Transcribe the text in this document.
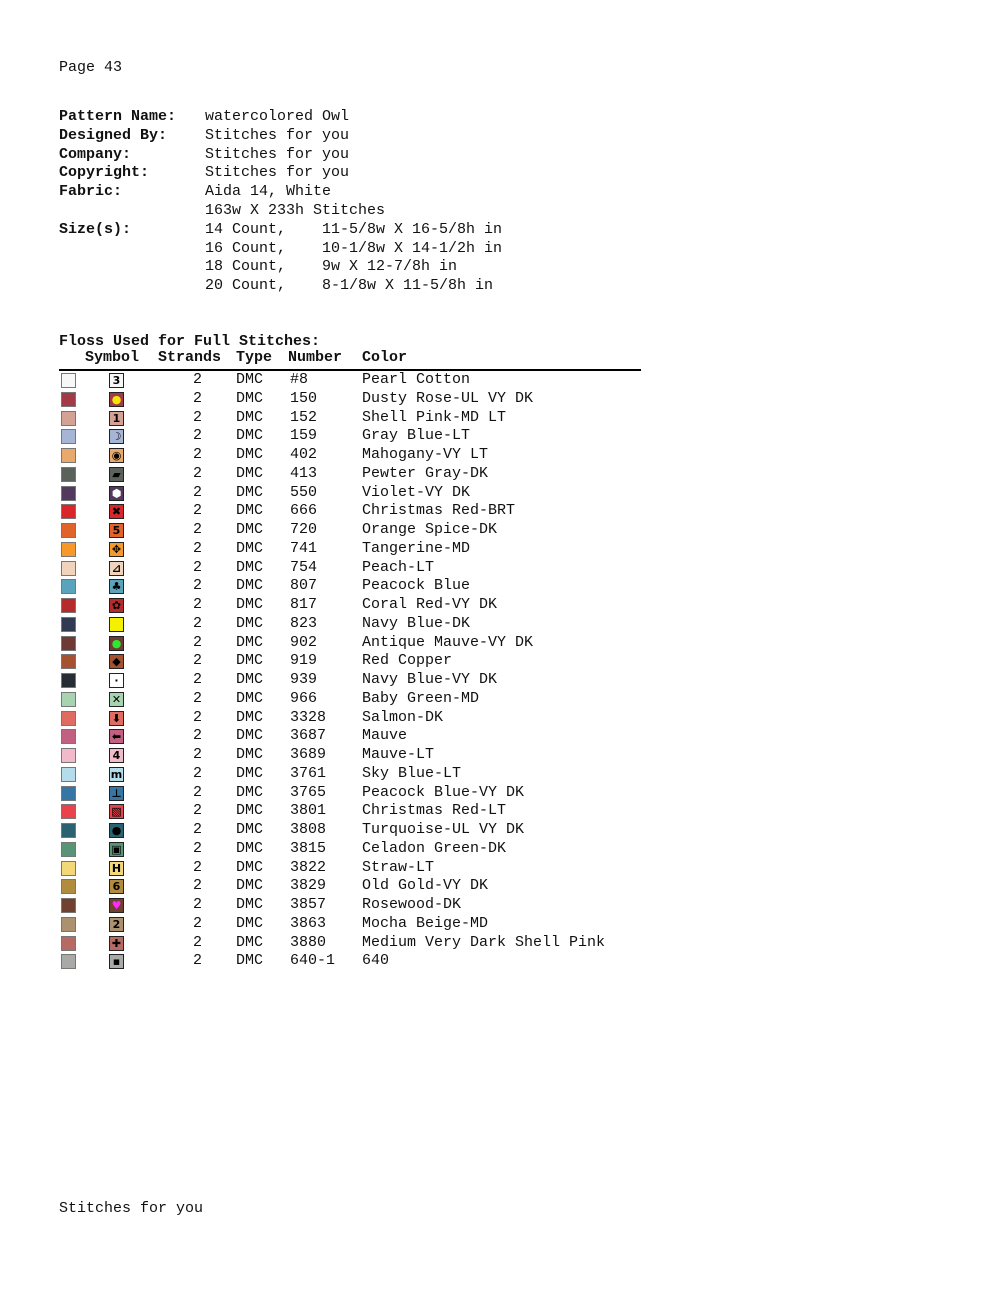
Page 43
Pattern Name: watercolored Owl
Designed By:	Stitches for you
Company:	Stitches for you
Copyright:	Stitches for you
Fabric:	Aida 14, White
163w X 233h Stitches
Size(s):	14 Count,    11-5/8w X 16-5/8h in
16 Count,    10-1/8w X 14-1/2h in
18 Count,    9w X 12-7/8h in
20 Count,    8-1/8w X 11-5/8h in
Floss Used for Full Stitches:
Symbol Strands Type Number Color
3	2 DMC #8	Pearl Cotton
●	2 DMC 150	Dusty Rose-UL VY DK
1	2 DMC 152	Shell Pink-MD LT
☽	2 DMC 159	Gray Blue-LT
◉	2 DMC 402	Mahogany-VY LT
▰	2 DMC 413	Pewter Gray-DK
⬢	2 DMC 550	Violet-VY DK
✖	2 DMC 666	Christmas Red-BRT
5	2 DMC 720	Orange Spice-DK
✥	2 DMC 741	Tangerine-MD
⊿	2 DMC 754	Peach-LT
♣	2 DMC 807	Peacock Blue
✿	2 DMC 817	Coral Red-VY DK
■	2 DMC 823	Navy Blue-DK
●	2 DMC 902	Antique Mauve-VY DK
◆	2 DMC 919	Red Copper
·	2 DMC 939	Navy Blue-VY DK
✕	2 DMC 966	Baby Green-MD
⬇	2 DMC 3328 Salmon-DK
⬅	2 DMC 3687 Mauve
4	2 DMC 3689 Mauve-LT
m	2 DMC 3761 Sky Blue-LT
⊥	2 DMC 3765 Peacock Blue-VY DK
▧	2 DMC 3801 Christmas Red-LT
●	2 DMC 3808 Turquoise-UL VY DK
▣	2 DMC 3815 Celadon Green-DK
H	2 DMC 3822 Straw-LT
6	2 DMC 3829 Old Gold-VY DK
♥	2 DMC 3857 Rosewood-DK
2	2 DMC 3863 Mocha Beige-MD
✚	2 DMC 3880 Medium Very Dark Shell Pink
▪	2 DMC 640-1 640
Stitches for you
